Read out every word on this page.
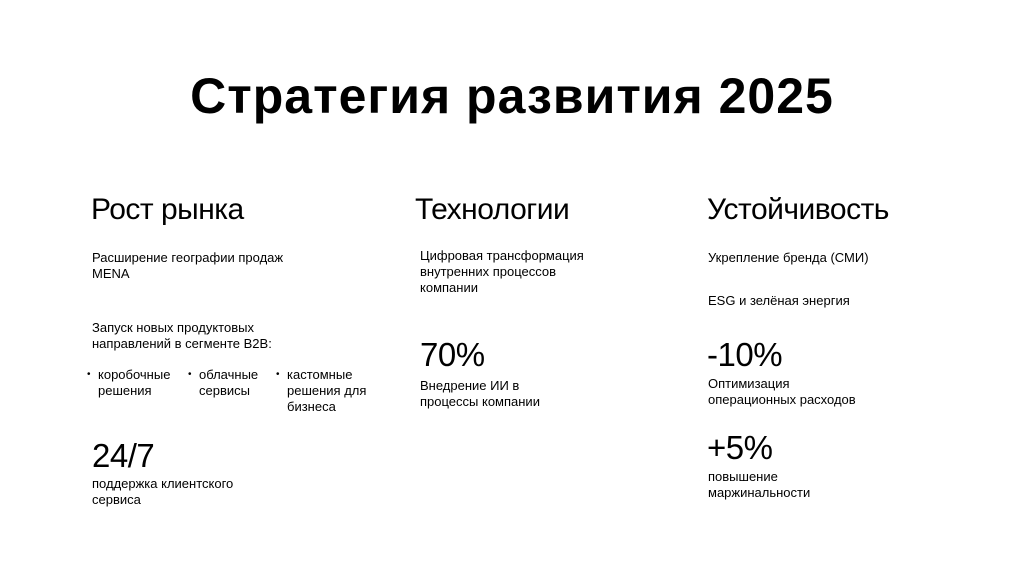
Стратегия развития 2025
Рост рынка
Расширение географии продаж MENA
Запуск новых продуктовых направлений в сегменте B2B:
• коробочные решения
• облачные сервисы
• кастомные решения для бизнеса
24/7
поддержка клиентского сервиса
Технологии
Цифровая трансформация внутренних процессов компании
70%
Внедрение ИИ в процессы компании
Устойчивость
Укрепление бренда (СМИ)
ESG и зелёная энергия
-10%
Оптимизация операционных расходов
+5%
повышение маржинальности
